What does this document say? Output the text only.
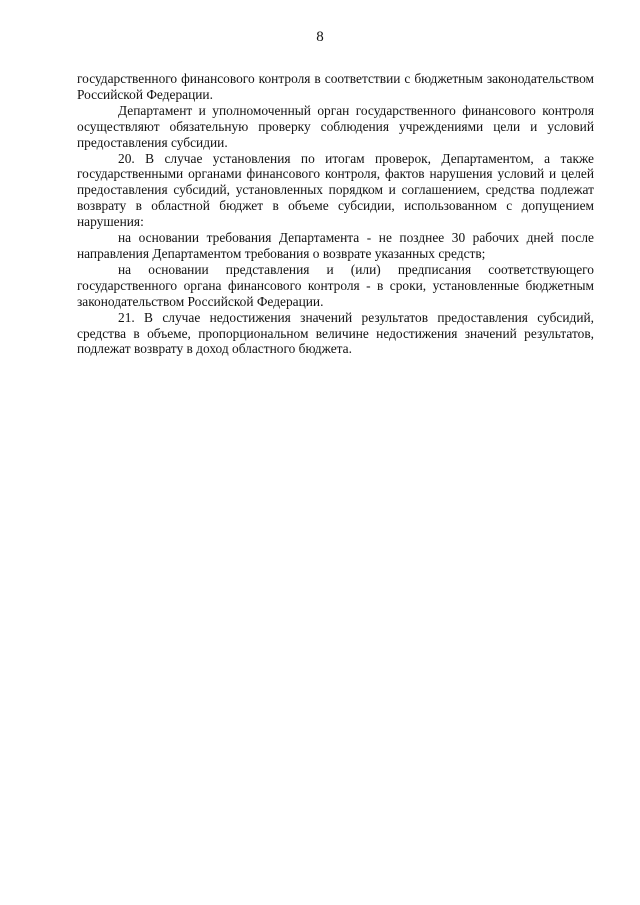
8

государственного финансового контроля в соответствии с бюджетным законодательством Российской Федерации.

Департамент и уполномоченный орган государственного финансового контроля осуществляют обязательную проверку соблюдения учреждениями цели и условий предоставления субсидии.

20. В случае установления по итогам проверок, Департаментом, а также государственными органами финансового контроля, фактов нарушения условий и целей предоставления субсидий, установленных порядком и соглашением, средства подлежат возврату в областной бюджет в объеме субсидии, использованном с допущением нарушения:

на основании требования Департамента - не позднее 30 рабочих дней после направления Департаментом требования о возврате указанных средств;

на основании представления и (или) предписания соответствующего государственного органа финансового контроля - в сроки, установленные бюджетным законодательством Российской Федерации.

21. В случае недостижения значений результатов предоставления субсидий, средства в объеме, пропорциональном величине недостижения значений результатов, подлежат возврату в доход областного бюджета.
